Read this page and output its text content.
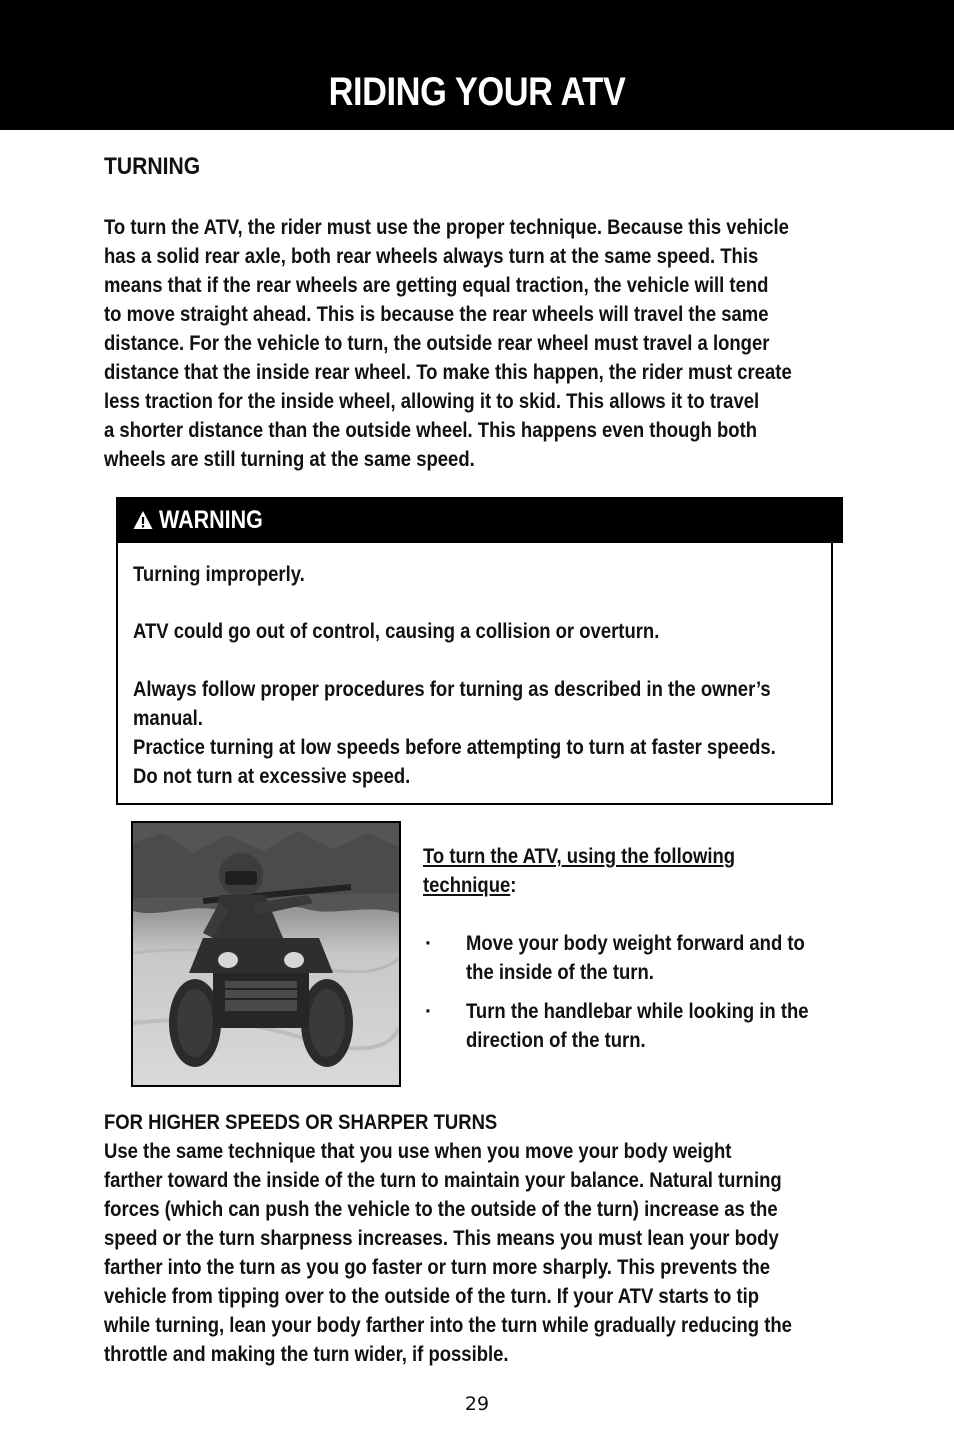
RIDING YOUR ATV
TURNING
To turn the ATV, the rider must use the proper technique. Because this vehicle
has a solid rear axle, both rear wheels always turn at the same speed. This
means that if the rear wheels are getting equal traction, the vehicle will tend
to move straight ahead. This is because the rear wheels will travel the same
distance. For the vehicle to turn, the outside rear wheel must travel a longer
distance that the inside rear wheel. To make this happen, the rider must create
less traction for the inside wheel, allowing it to skid. This allows it to travel
a shorter distance than the outside wheel. This happens even though both
wheels are still turning at the same speed.
WARNING
Turning improperly.
ATV could go out of control, causing a collision or overturn.
Always follow proper procedures for turning as described in the owner’s
manual.
Practice turning at low speeds before attempting to turn at faster speeds.
Do not turn at excessive speed.
To turn the ATV, using the following
technique:
· Move your body weight forward and to
the inside of the turn.
· Turn the handlebar while looking in the
direction of the turn.
FOR HIGHER SPEEDS OR SHARPER TURNS
Use the same technique that you use when you move your body weight
farther toward the inside of the turn to maintain your balance. Natural turning
forces (which can push the vehicle to the outside of the turn) increase as the
speed or the turn sharpness increases. This means you must lean your body
farther into the turn as you go faster or turn more sharply. This prevents the
vehicle from tipping over to the outside of the turn. If your ATV starts to tip
while turning, lean your body farther into the turn while gradually reducing the
throttle and making the turn wider, if possible.
29
